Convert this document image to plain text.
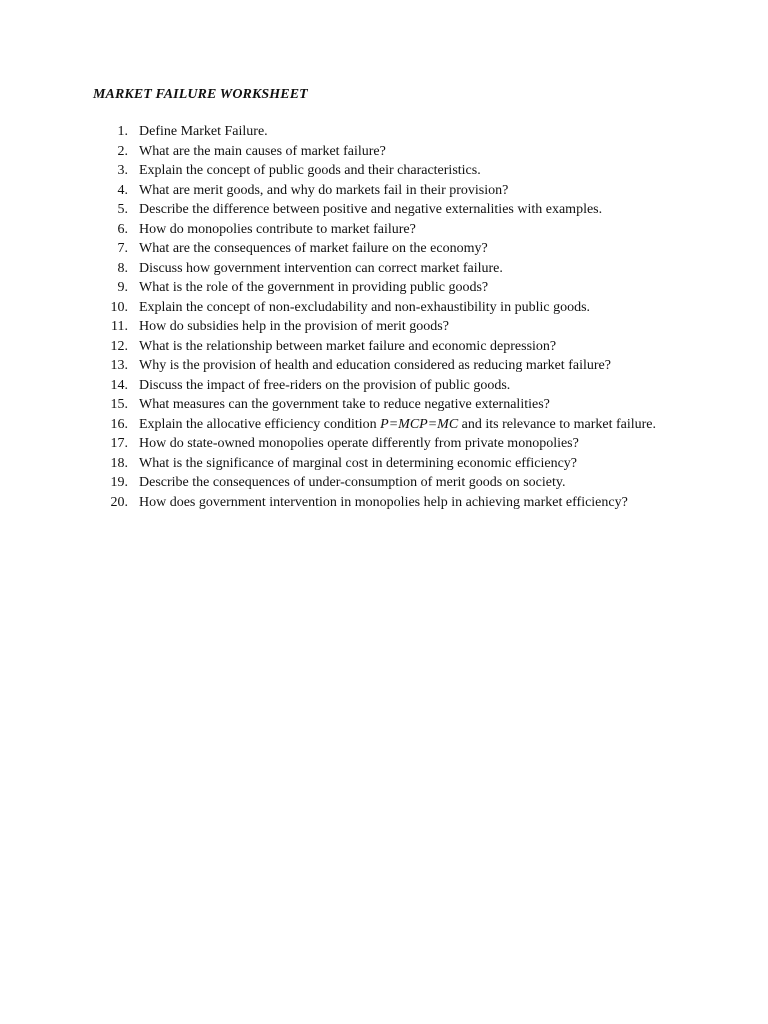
MARKET FAILURE WORKSHEET
1. Define Market Failure.
2. What are the main causes of market failure?
3. Explain the concept of public goods and their characteristics.
4. What are merit goods, and why do markets fail in their provision?
5. Describe the difference between positive and negative externalities with examples.
6. How do monopolies contribute to market failure?
7. What are the consequences of market failure on the economy?
8. Discuss how government intervention can correct market failure.
9. What is the role of the government in providing public goods?
10. Explain the concept of non-excludability and non-exhaustibility in public goods.
11. How do subsidies help in the provision of merit goods?
12. What is the relationship between market failure and economic depression?
13. Why is the provision of health and education considered as reducing market failure?
14. Discuss the impact of free-riders on the provision of public goods.
15. What measures can the government take to reduce negative externalities?
16. Explain the allocative efficiency condition P=MCP=MC and its relevance to market failure.
17. How do state-owned monopolies operate differently from private monopolies?
18. What is the significance of marginal cost in determining economic efficiency?
19. Describe the consequences of under-consumption of merit goods on society.
20. How does government intervention in monopolies help in achieving market efficiency?
